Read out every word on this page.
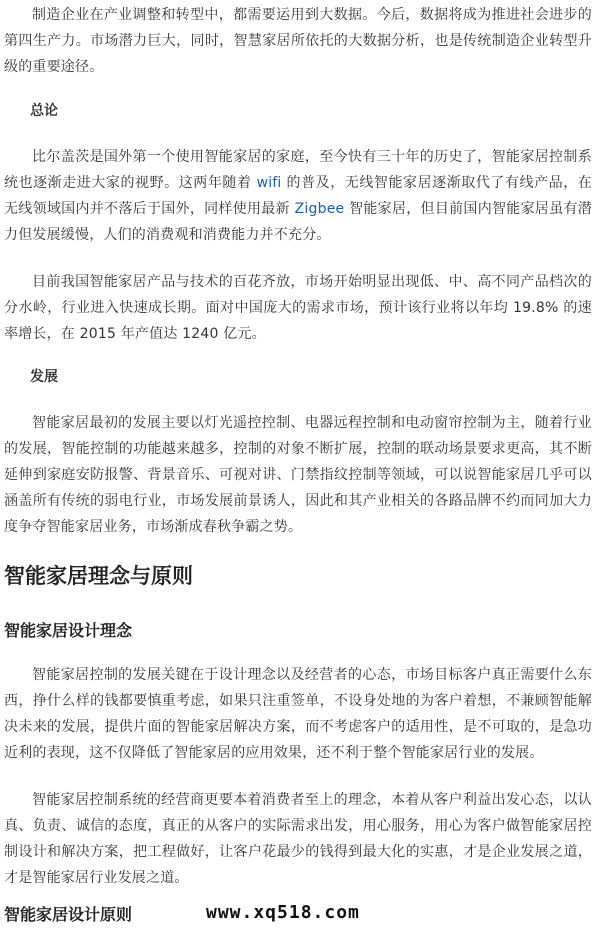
制造企业在产业调整和转型中，都需要运用到大数据。今后，数据将成为推进社会进步的第四生产力。市场潜力巨大，同时，智慧家居所依托的大数据分析，也是传统制造企业转型升级的重要途径。

总论

比尔盖茨是国外第一个使用智能家居的家庭，至今快有三十年的历史了，智能家居控制系统也逐渐走进大家的视野。这两年随着 wifi 的普及，无线智能家居逐渐取代了有线产品，在无线领域国内并不落后于国外，同样使用最新 Zigbee 智能家居，但目前国内智能家居虽有潜力但发展缓慢，人们的消费观和消费能力并不充分。

目前我国智能家居产品与技术的百花齐放，市场开始明显出现低、中、高不同产品档次的分水岭，行业进入快速成长期。面对中国庞大的需求市场，预计该行业将以年均 19.8% 的速率增长，在 2015 年产值达 1240 亿元。

发展

智能家居最初的发展主要以灯光遥控控制、电器远程控制和电动窗帘控制为主，随着行业的发展，智能控制的功能越来越多，控制的对象不断扩展，控制的联动场景要求更高，其不断延伸到家庭安防报警、背景音乐、可视对讲、门禁指纹控制等领域，可以说智能家居几乎可以涵盖所有传统的弱电行业，市场发展前景诱人，因此和其产业相关的各路品牌不约而同加大力度争夺智能家居业务，市场渐成春秋争霸之势。

智能家居理念与原则
智能家居设计理念

智能家居控制的发展关键在于设计理念以及经营者的心态，市场目标客户真正需要什么东西，挣什么样的钱都要慎重考虑，如果只注重签单，不设身处地的为客户着想，不兼顾智能解决未来的发展，提供片面的智能家居解决方案，而不考虑客户的适用性，是不可取的，是急功近利的表现，这不仅降低了智能家居的应用效果，还不利于整个智能家居行业的发展。

智能家居控制系统的经营商更要本着消费者至上的理念，本着从客户利益出发心态，以认真、负责、诚信的态度，真正的从客户的实际需求出发，用心服务，用心为客户做智能家居控制设计和解决方案，把工程做好，让客户花最少的钱得到最大化的实惠，才是企业发展之道，才是智能家居行业发展之道。

智能家居设计原则	www.xq518.com
